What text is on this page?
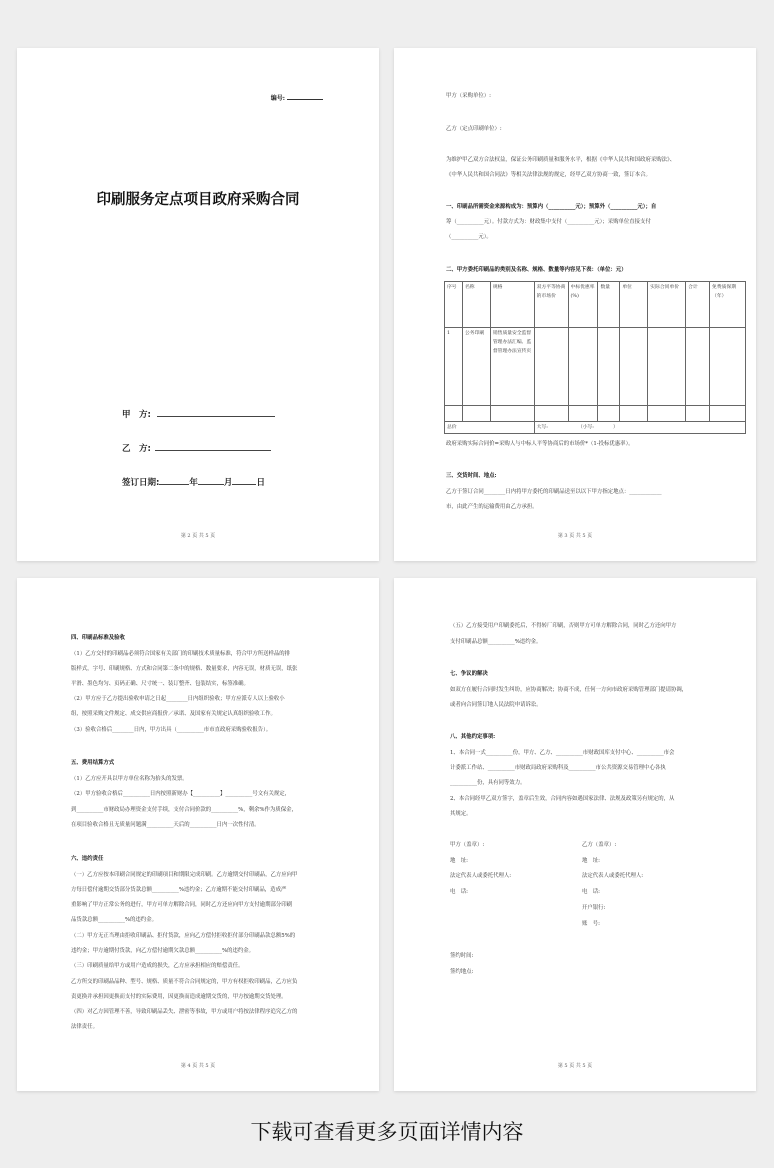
编号:
印刷服务定点项目政府采购合同
甲　方:
乙　方:
签订日期:	年	月	日
第 2 页 共 5 页
甲方（采购单位）:
乙方（定点印刷单位）:
为维护甲乙双方合法权益，保证公务印刷质量和服务水平，根据《中华人民共和国政府采购法》、
《中华人民共和国合同法》等相关法律法规的规定，经甲乙双方协商一致，签订本合。
一、印刷品所需资金来源构成为：预算内（__________元）；预算外（__________元）；自
筹（__________元）。付款方式为：财政集中支付（__________元）；采购单位直接支付
（__________元）。
二、甲方委托印刷品的类别及名称、规格、数量等内容见下表：（单位：元）
政府采购实际合同价=采购人与中标人平等协商后的市场价*（1-投标优惠率）。
三、交货时间、地点:
乙方于签订合同________日内将甲方委托的印刷品送至以以下甲方指定地点：____________
市，由此产生的运输费用由乙方承担。
序号	名称	规格	双方平等协商的市场价	中标优惠率(%)	数量	单位	实际合同单价	合计	免费质保期（年）
1	公务印刷	销售质量安全监督管理办法汇编、监督管理办法宣传页							

总价			大写: （小写:　　　　）						
第 3 页 共 5 页
四、印刷品标准及验收
（1）乙方交付的印刷品必须符合国家有关部门的印刷技术质量标准，符合甲方所送样品的排
版样式，字号、印刷规格、方式和合同第二条中的规格、数量要求，内容无误，材质无误，纸张
平滑、墨色均匀、页码正确、尺寸统一、装订整齐、包装结实，标签准确。
（2）甲方应于乙方提出验收申请之日起________日内组织验收；甲方应派专人以上验收小
组，按照采购文件规定、成交供应商报价／承诺、及国家有关规定认真组织验收工作。
（3）验收合格后________日内，甲方出具（__________市市直政府采购验收报告）。
五、费用结算方式
（1）乙方应开具以甲方单位名称为抬头的发票。
（2）甲方验收合格后__________日内按照新财办【__________】__________号文有关规定，
到__________市财政局办理资金支付手续，支付合同价款的__________%，剩余%作为质保金，
在项目验收合格且无质量问题满__________天后的__________日内一次性付清。
六、违约责任
（一）乙方应按本印刷合同规定的印刷项目和期限完成印刷。乙方逾期交付印刷品，乙方应向甲
方每日偿付逾期交货部分货款总额__________%违约金；乙方逾期不能交付印刷品，造成严
重影响了甲方正常公务的进行，甲方可单方解除合同，同时乙方还应向甲方支付逾期部分印刷
品货款总额__________%的违约金。
（二）甲方无正当理由拒收印刷品、拒付货款，应向乙方偿付拒收拒付部分印刷品款总额5%的
违约金；甲方逾期付货款，向乙方偿付逾期欠款总额__________%的违约金。
（三）印刷质量给甲方或用户造成的损失，乙方应承担相应的赔偿责任。
乙方所交的印刷品品种、型号、规格、质量不符合合同规定的，甲方有权拒收印刷品，乙方应负
责更换并承担因更换而支付的实际费用，因更换而造成逾期交货的，甲方按逾期交货处理。
（四）对乙方因管理不善，导致印刷品丢失、泄密等事故，甲方或用户将按法律程序追究乙方的
法律责任。
第 4 页 共 5 页
（五）乙方接受用户印刷委托后，不得转厂印刷，否则甲方可单方解除合同，同时乙方还向甲方
支付印刷品总额__________%违约金。
七、争议的解决
如双方在履行合同时发生纠纷，应协商解决；协商不成，任何一方向市政府采购管理部门提请协调，
或者向合同签订地人民法院申请诉讼。
八、其他约定事项:
1、本合同一式__________份，甲方、乙方、__________市财政国库支付中心、__________市会
计委派工作站、__________市财政局政府采购科及__________市公共资源交易管理中心各执
__________份，具有同等效力。
2、本合同经甲乙双方签字，盖章后生效，合同内容如遇国家法律、法规及政策另有规定的，从
其规定。
甲方（盖章）:
地　址:
法定代表人或委托代理人:
电　话:
签约时间:
签约地点:
乙方（盖章）:
地　址:
法定代表人或委托代理人:
电　话:
开户银行:
账　号:
第 5 页 共 5 页
下载可查看更多页面详情内容
